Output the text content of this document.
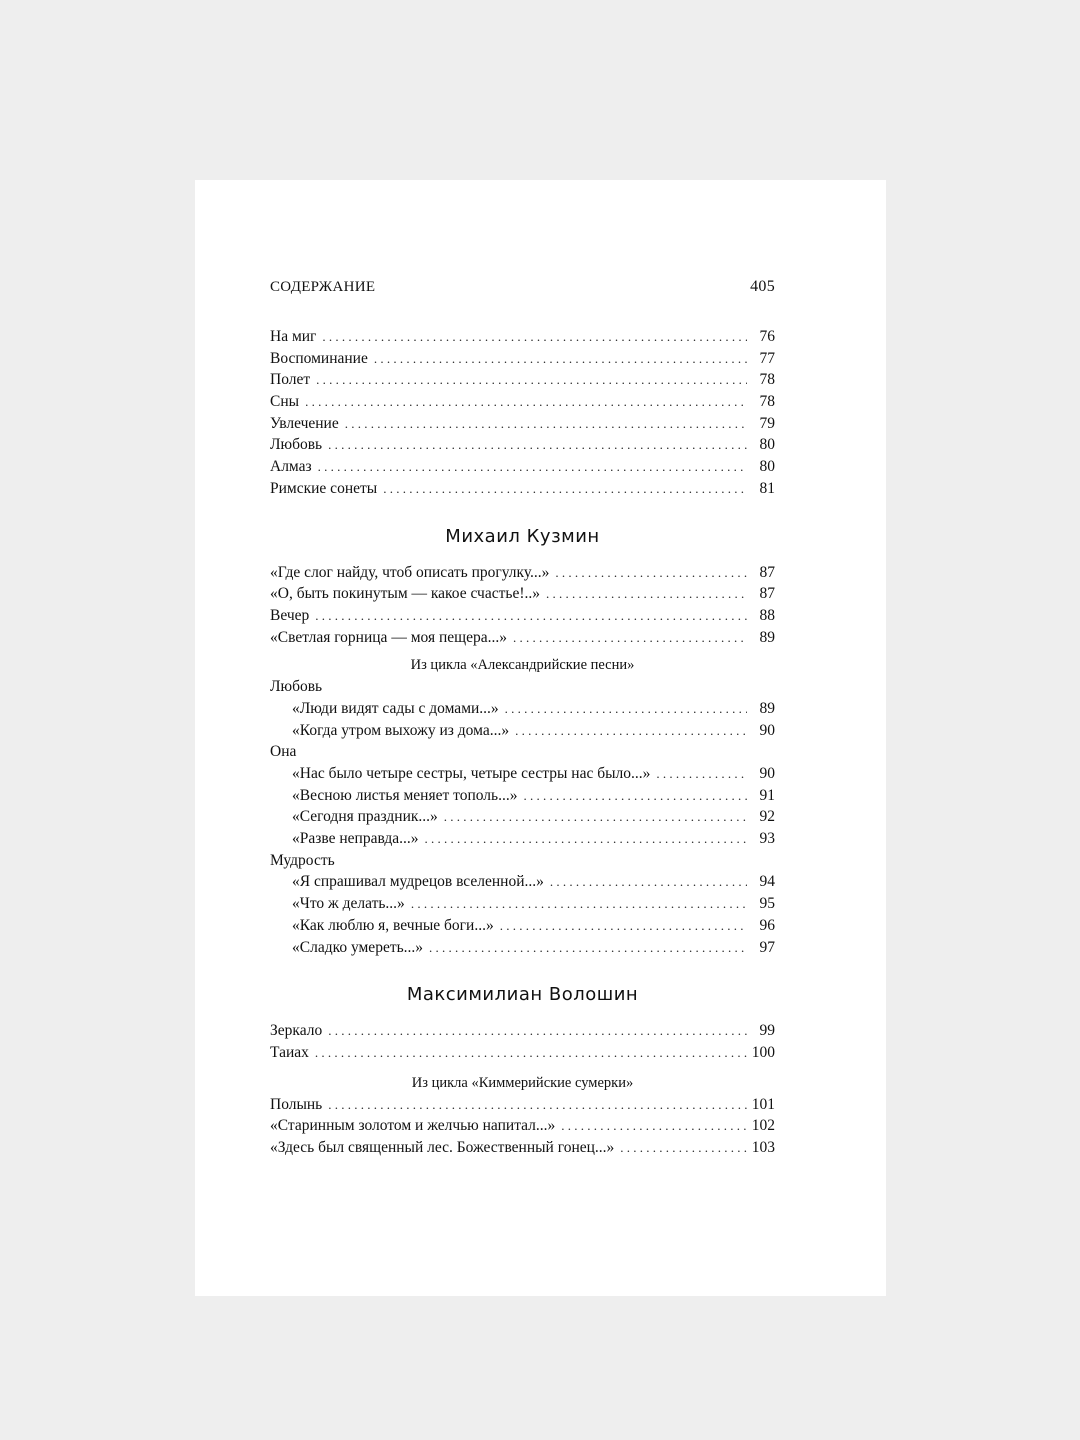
СОДЕРЖАНИЕ	405
На миг . . .	76
Воспоминание . . .	77
Полет . . .	78
Сны . . .	78
Увлечение . . .	79
Любовь . . .	80
Алмаз . . .	80
Римские сонеты . . .	81
Михаил Кузмин
«Где слог найду, чтоб описать прогулку...» . . .	87
«О, быть покинутым — какое счастье!..» . . .	87
Вечер . . .	88
«Светлая горница — моя пещера...» . . .	89
Из цикла «Александрийские песни»
Любовь
«Люди видят сады с домами...» . . .	89
«Когда утром выхожу из дома...» . . .	90
Она
«Нас было четыре сестры, четыре сестры нас было...» . . .	90
«Весною листья меняет тополь...» . . .	91
«Сегодня праздник...» . . .	92
«Разве неправда...» . . .	93
Мудрость
«Я спрашивал мудрецов вселенной...» . . .	94
«Что ж делать...» . . .	95
«Как люблю я, вечные боги...» . . .	96
«Сладко умереть...» . . .	97
Максимилиан Волошин
Зеркало . . .	99
Таиах . . .	100
Из цикла «Киммерийские сумерки»
Полынь . . .	101
«Старинным золотом и желчью напитал...» . . .	102
«Здесь был священный лес. Божественный гонец...» . . .	103
